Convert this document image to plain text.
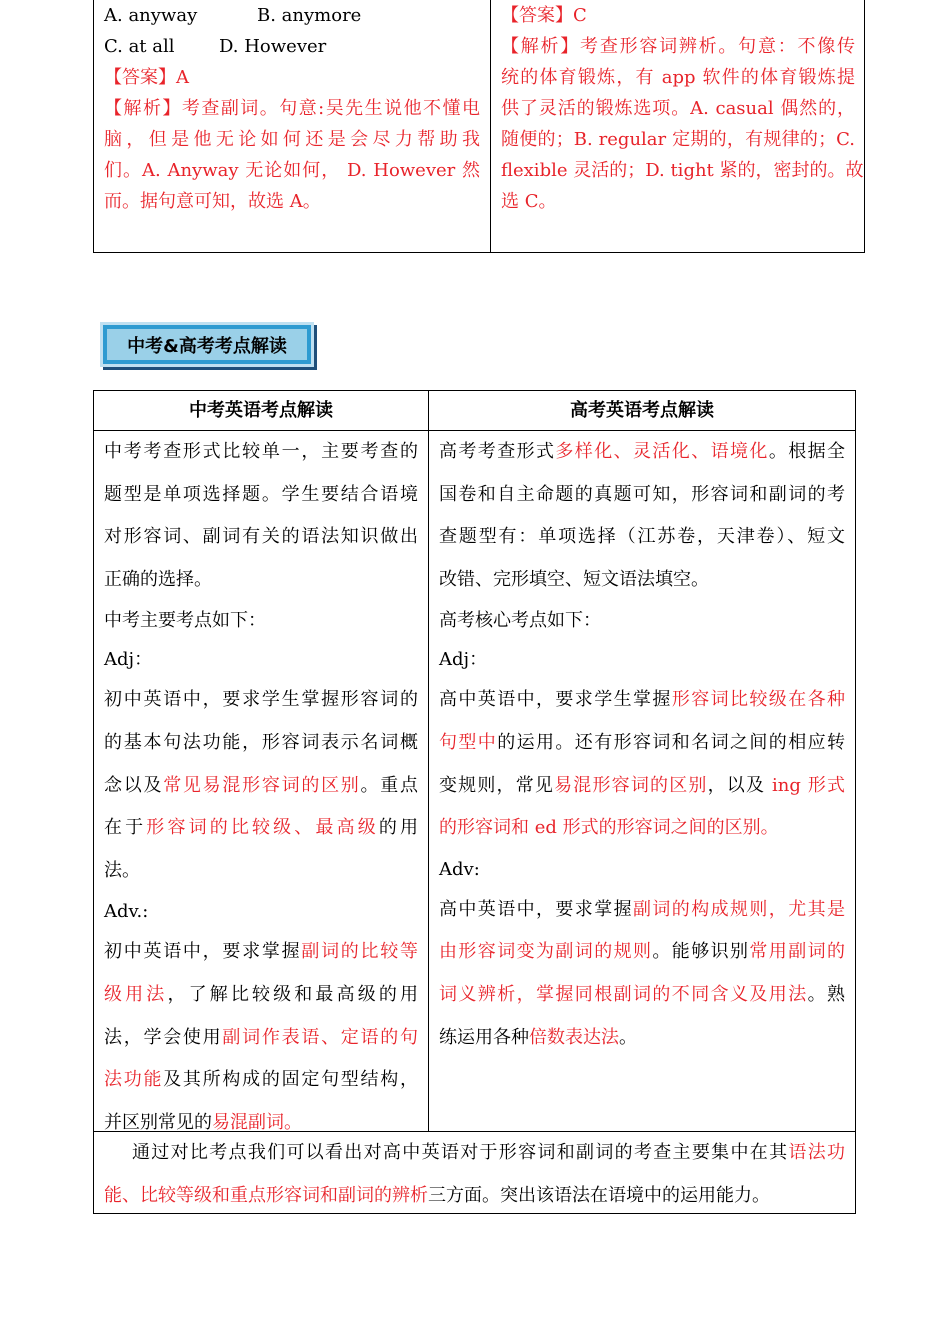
A. anyway	B. anymore
C. at all D. However
【答案】A
【解析】考查副词。句意:吴先生说他不懂电
脑，但是他无论如何还是会尽力帮助我
们。A. Anyway 无论如何， D. However 然
而。据句意可知，故选 A。
【答案】C
【解析】考查形容词辨析。句意：不像传
统的体育锻炼，有 app 软件的体育锻炼提
供了灵活的锻炼选项。A. casual 偶然的，
随便的；B. regular 定期的，有规律的；C.
flexible 灵活的；D. tight 紧的，密封的。故
选 C。
中考&高考考点解读
中考英语考点解读	高考英语考点解读
中考考查形式比较单一，主要考查的
题型是单项选择题。学生要结合语境
对形容词、副词有关的语法知识做出
正确的选择。
中考主要考点如下：
Adj：
初中英语中，要求学生掌握形容词的
的基本句法功能，形容词表示名词概
念以及常见易混形容词的区别。重点
在于形容词的比较级、最高级的用
法。
Adv.:
初中英语中，要求掌握副词的比较等
级用法，了解比较级和最高级的用
法，学会使用副词作表语、定语的句
法功能及其所构成的固定句型结构，
并区别常见的易混副词。
高考考查形式多样化、灵活化、语境化。根据全
国卷和自主命题的真题可知，形容词和副词的考
查题型有：单项选择（江苏卷，天津卷）、短文
改错、完形填空、短文语法填空。
高考核心考点如下：
Adj：
高中英语中，要求学生掌握形容词比较级在各种
句型中的运用。还有形容词和名词之间的相应转
变规则，常见易混形容词的区别，以及 ing 形式
的形容词和 ed 形式的形容词之间的区别。
Adv:
高中英语中，要求掌握副词的构成规则，尤其是
由形容词变为副词的规则。能够识别常用副词的
词义辨析，掌握同根副词的不同含义及用法。熟
练运用各种倍数表达法。
通过对比考点我们可以看出对高中英语对于形容词和副词的考查主要集中在其语法功
能、比较等级和重点形容词和副词的辨析三方面。突出该语法在语境中的运用能力。
